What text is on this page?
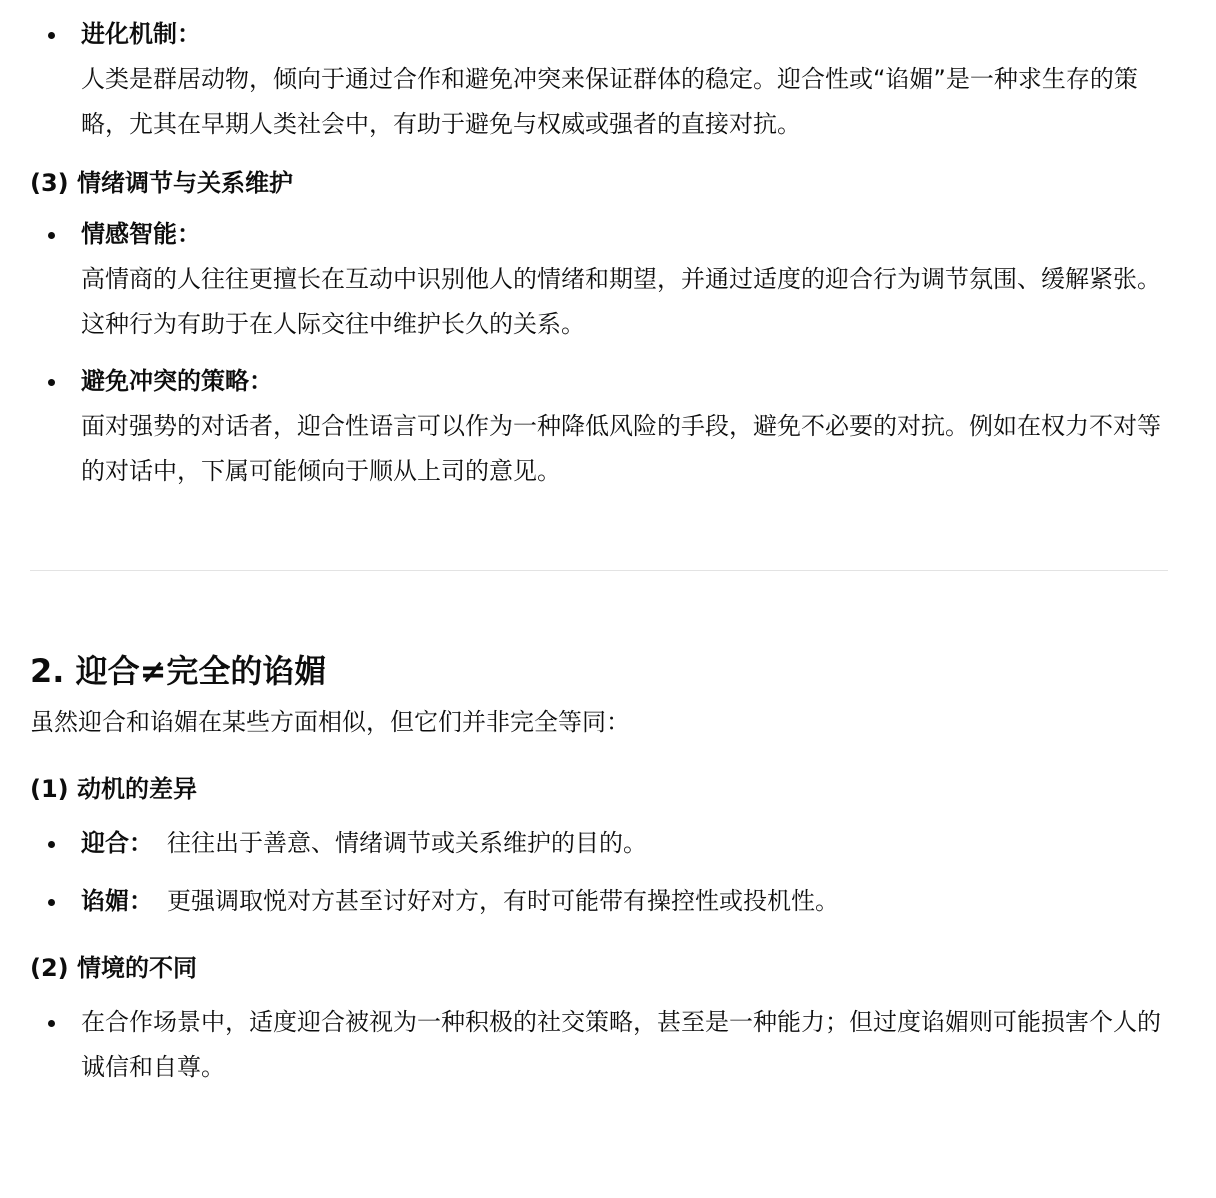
进化机制：
人类是群居动物，倾向于通过合作和避免冲突来保证群体的稳定。迎合性或“谄媚”是一种求生存的策略，尤其在早期人类社会中，有助于避免与权威或强者的直接对抗。

(3) 情绪调节与关系维护

情感智能：
高情商的人往往更擅长在互动中识别他人的情绪和期望，并通过适度的迎合行为调节氛围、缓解紧张。这种行为有助于在人际交往中维护长久的关系。
避免冲突的策略：
面对强势的对话者，迎合性语言可以作为一种降低风险的手段，避免不必要的对抗。例如在权力不对等的对话中，下属可能倾向于顺从上司的意见。
2. 迎合≠完全的谄媚

虽然迎合和谄媚在某些方面相似，但它们并非完全等同：

(1) 动机的差异

迎合： 往往出于善意、情绪调节或关系维护的目的。
谄媚： 更强调取悦对方甚至讨好对方，有时可能带有操控性或投机性。

(2) 情境的不同

在合作场景中，适度迎合被视为一种积极的社交策略，甚至是一种能力；但过度谄媚则可能损害个人的诚信和自尊。
